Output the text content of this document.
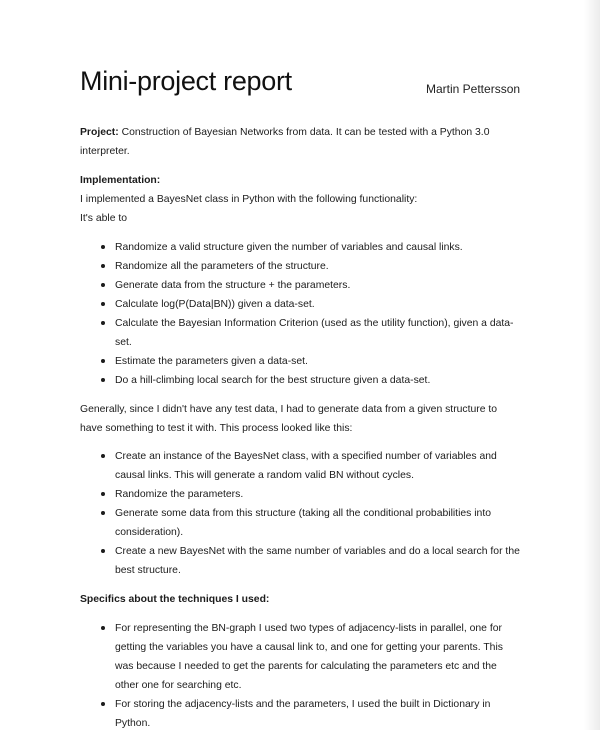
Mini-project report	Martin Pettersson

Project: Construction of Bayesian Networks from data. It can be tested with a Python 3.0 interpreter.

Implementation:

I implemented a BayesNet class in Python with the following functionality:

It's able to

Randomize a valid structure given the number of variables and causal links.
Randomize all the parameters of the structure.
Generate data from the structure + the parameters.
Calculate log(P(Data|BN)) given a data-set.
Calculate the Bayesian Information Criterion (used as the utility function), given a data-set.
Estimate the parameters given a data-set.
Do a hill-climbing local search for the best structure given a data-set.

Generally, since I didn't have any test data, I had to generate data from a given structure to have something to test it with. This process looked like this:

Create an instance of the BayesNet class, with a specified number of variables and causal links. This will generate a random valid BN without cycles.
Randomize the parameters.
Generate some data from this structure (taking all the conditional probabilities into consideration).
Create a new BayesNet with the same number of variables and do a local search for the best structure.

Specifics about the techniques I used:

For representing the BN-graph I used two types of adjacency-lists in parallel, one for getting the variables you have a causal link to, and one for getting your parents. This was because I needed to get the parents for calculating the parameters etc and the other one for searching etc.
For storing the adjacency-lists and the parameters, I used the built in Dictionary in Python.
